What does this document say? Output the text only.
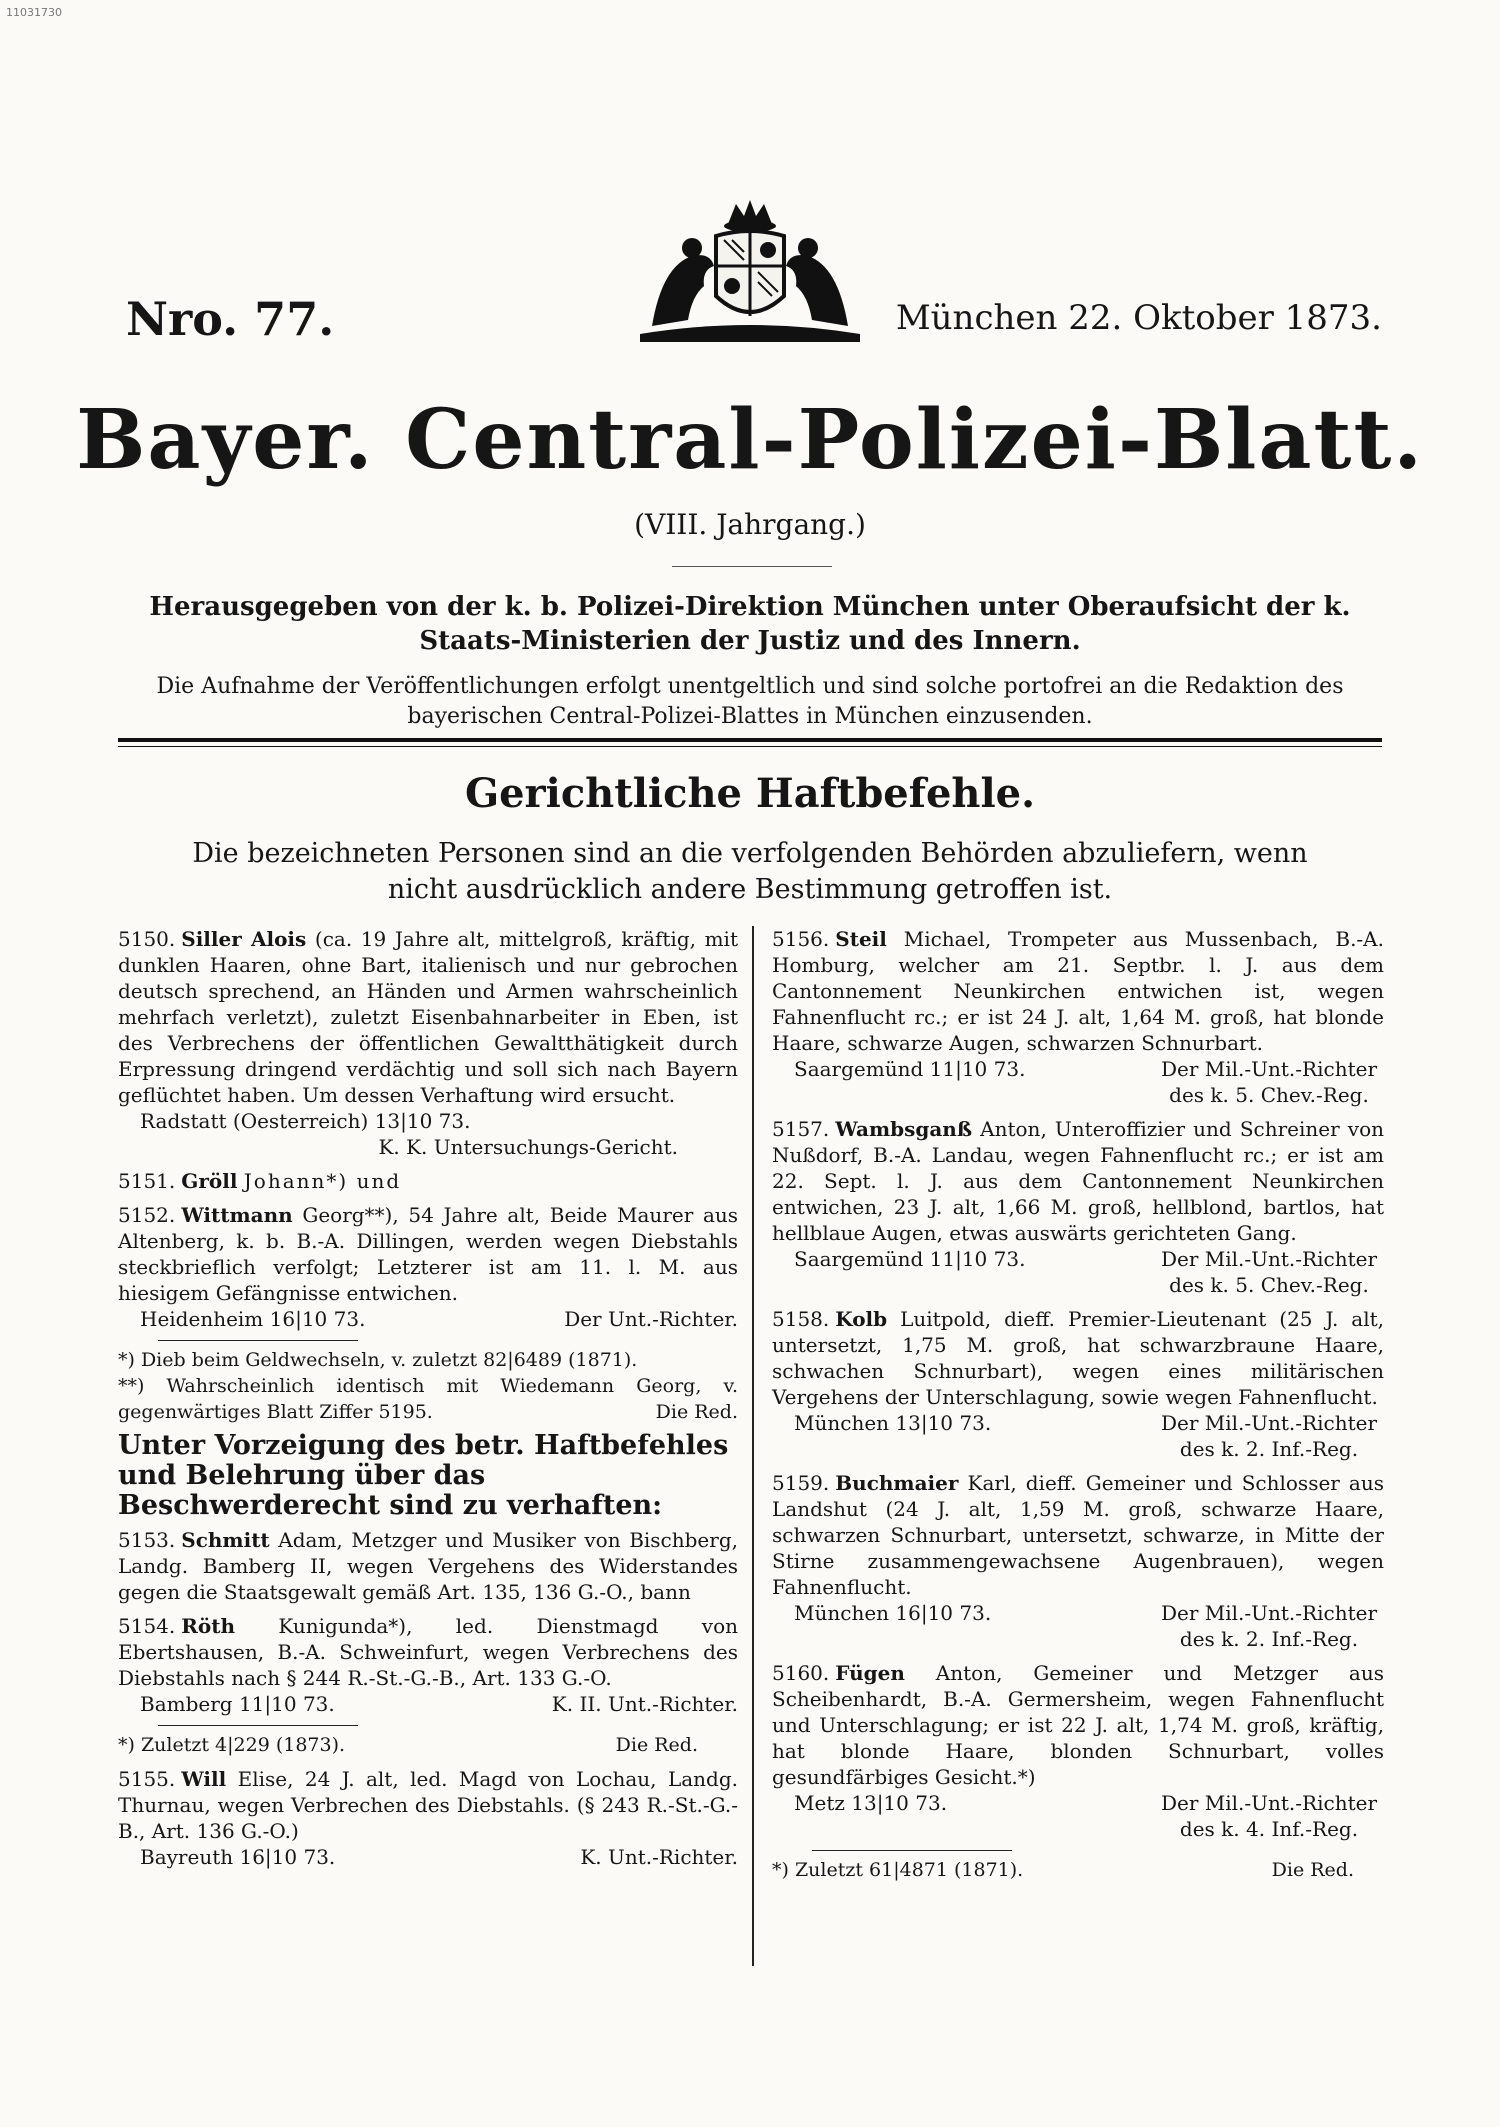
11031730
Nro. 77.	München 22. Oktober 1873.
Bayer. Central-Polizei-Blatt.
(VIII. Jahrgang.)
Herausgegeben von der k. b. Polizei-Direktion München unter Oberaufsicht der k. Staats-Ministerien der Justiz und des Innern.
Die Aufnahme der Veröffentlichungen erfolgt unentgeltlich und sind solche portofrei an die Redaktion des bayerischen Central-Polizei-Blattes in München einzusenden.
Gerichtliche Haftbefehle.
Die bezeichneten Personen sind an die verfolgenden Behörden abzuliefern, wenn nicht ausdrücklich andere Bestimmung getroffen ist.

5150. Siller Alois (ca. 19 Jahre alt, mittelgroß, kräftig, mit dunklen Haaren, ohne Bart, italienisch und nur gebrochen deutsch sprechend, an Händen und Armen wahrscheinlich mehrfach verletzt), zuletzt Eisenbahnarbeiter in Eben, ist des Verbrechens der öffentlichen Gewaltthätigkeit durch Erpressung dringend verdächtig und soll sich nach Bayern geflüchtet haben. Um dessen Verhaftung wird ersucht.

Radstatt (Oesterreich) 13|10 73.
K. K. Untersuchungs-Gericht.

5151. Gröll Johann*) und

5152. Wittmann Georg**), 54 Jahre alt, Beide Maurer aus Altenberg, k. b. B.-A. Dillingen, werden wegen Diebstahls steckbrieflich verfolgt; Letzterer ist am 11. l. M. aus hiesigem Gefängnisse entwichen.

Heidenheim 16|10 73.	Der Unt.-Richter.
*) Dieb beim Geldwechseln, v. zuletzt 82|6489 (1871).
**) Wahrscheinlich identisch mit Wiedemann Georg, v. gegenwärtiges Blatt Ziffer 5195.	Die Red.
Unter Vorzeigung des betr. Haftbefehles und Belehrung über das Beschwerderecht sind zu verhaften:

5153. Schmitt Adam, Metzger und Musiker von Bischberg, Landg. Bamberg II, wegen Vergehens des Widerstandes gegen die Staatsgewalt gemäß Art. 135, 136 G.-O., bann

5154. Röth Kunigunda*), led. Dienstmagd von Ebertshausen, B.-A. Schweinfurt, wegen Verbrechens des Diebstahls nach § 244 R.-St.-G.-B., Art. 133 G.-O.

Bamberg 11|10 73.	K. II. Unt.-Richter.
*) Zuletzt 4|229 (1873).	Die Red.

5155. Will Elise, 24 J. alt, led. Magd von Lochau, Landg. Thurnau, wegen Verbrechen des Diebstahls. (§ 243 R.-St.-G.-B., Art. 136 G.-O.)

Bayreuth 16|10 73.	K. Unt.-Richter.

5156. Steil Michael, Trompeter aus Mussenbach, B.-A. Homburg, welcher am 21. Septbr. l. J. aus dem Cantonnement Neunkirchen entwichen ist, wegen Fahnenflucht rc.; er ist 24 J. alt, 1,64 M. groß, hat blonde Haare, schwarze Augen, schwarzen Schnurbart.

Saargemünd 11|10 73.	Der Mil.-Unt.-Richter des k. 5. Chev.-Reg.

5157. Wambsganß Anton, Unteroffizier und Schreiner von Nußdorf, B.-A. Landau, wegen Fahnenflucht rc.; er ist am 22. Sept. l. J. aus dem Cantonnement Neunkirchen entwichen, 23 J. alt, 1,66 M. groß, hellblond, bartlos, hat hellblaue Augen, etwas auswärts gerichteten Gang.

Saargemünd 11|10 73.	Der Mil.-Unt.-Richter des k. 5. Chev.-Reg.

5158. Kolb Luitpold, dieff. Premier-Lieutenant (25 J. alt, untersetzt, 1,75 M. groß, hat schwarzbraune Haare, schwachen Schnurbart), wegen eines militärischen Vergehens der Unterschlagung, sowie wegen Fahnenflucht.

München 13|10 73.	Der Mil.-Unt.-Richter des k. 2. Inf.-Reg.

5159. Buchmaier Karl, dieff. Gemeiner und Schlosser aus Landshut (24 J. alt, 1,59 M. groß, schwarze Haare, schwarzen Schnurbart, untersetzt, schwarze, in Mitte der Stirne zusammengewachsene Augenbrauen), wegen Fahnenflucht.

München 16|10 73.	Der Mil.-Unt.-Richter des k. 2. Inf.-Reg.

5160. Fügen Anton, Gemeiner und Metzger aus Scheibenhardt, B.-A. Germersheim, wegen Fahnenflucht und Unterschlagung; er ist 22 J. alt, 1,74 M. groß, kräftig, hat blonde Haare, blonden Schnurbart, volles gesundfärbiges Gesicht.*)

Metz 13|10 73.	Der Mil.-Unt.-Richter des k. 4. Inf.-Reg.
*) Zuletzt 61|4871 (1871).	Die Red.
